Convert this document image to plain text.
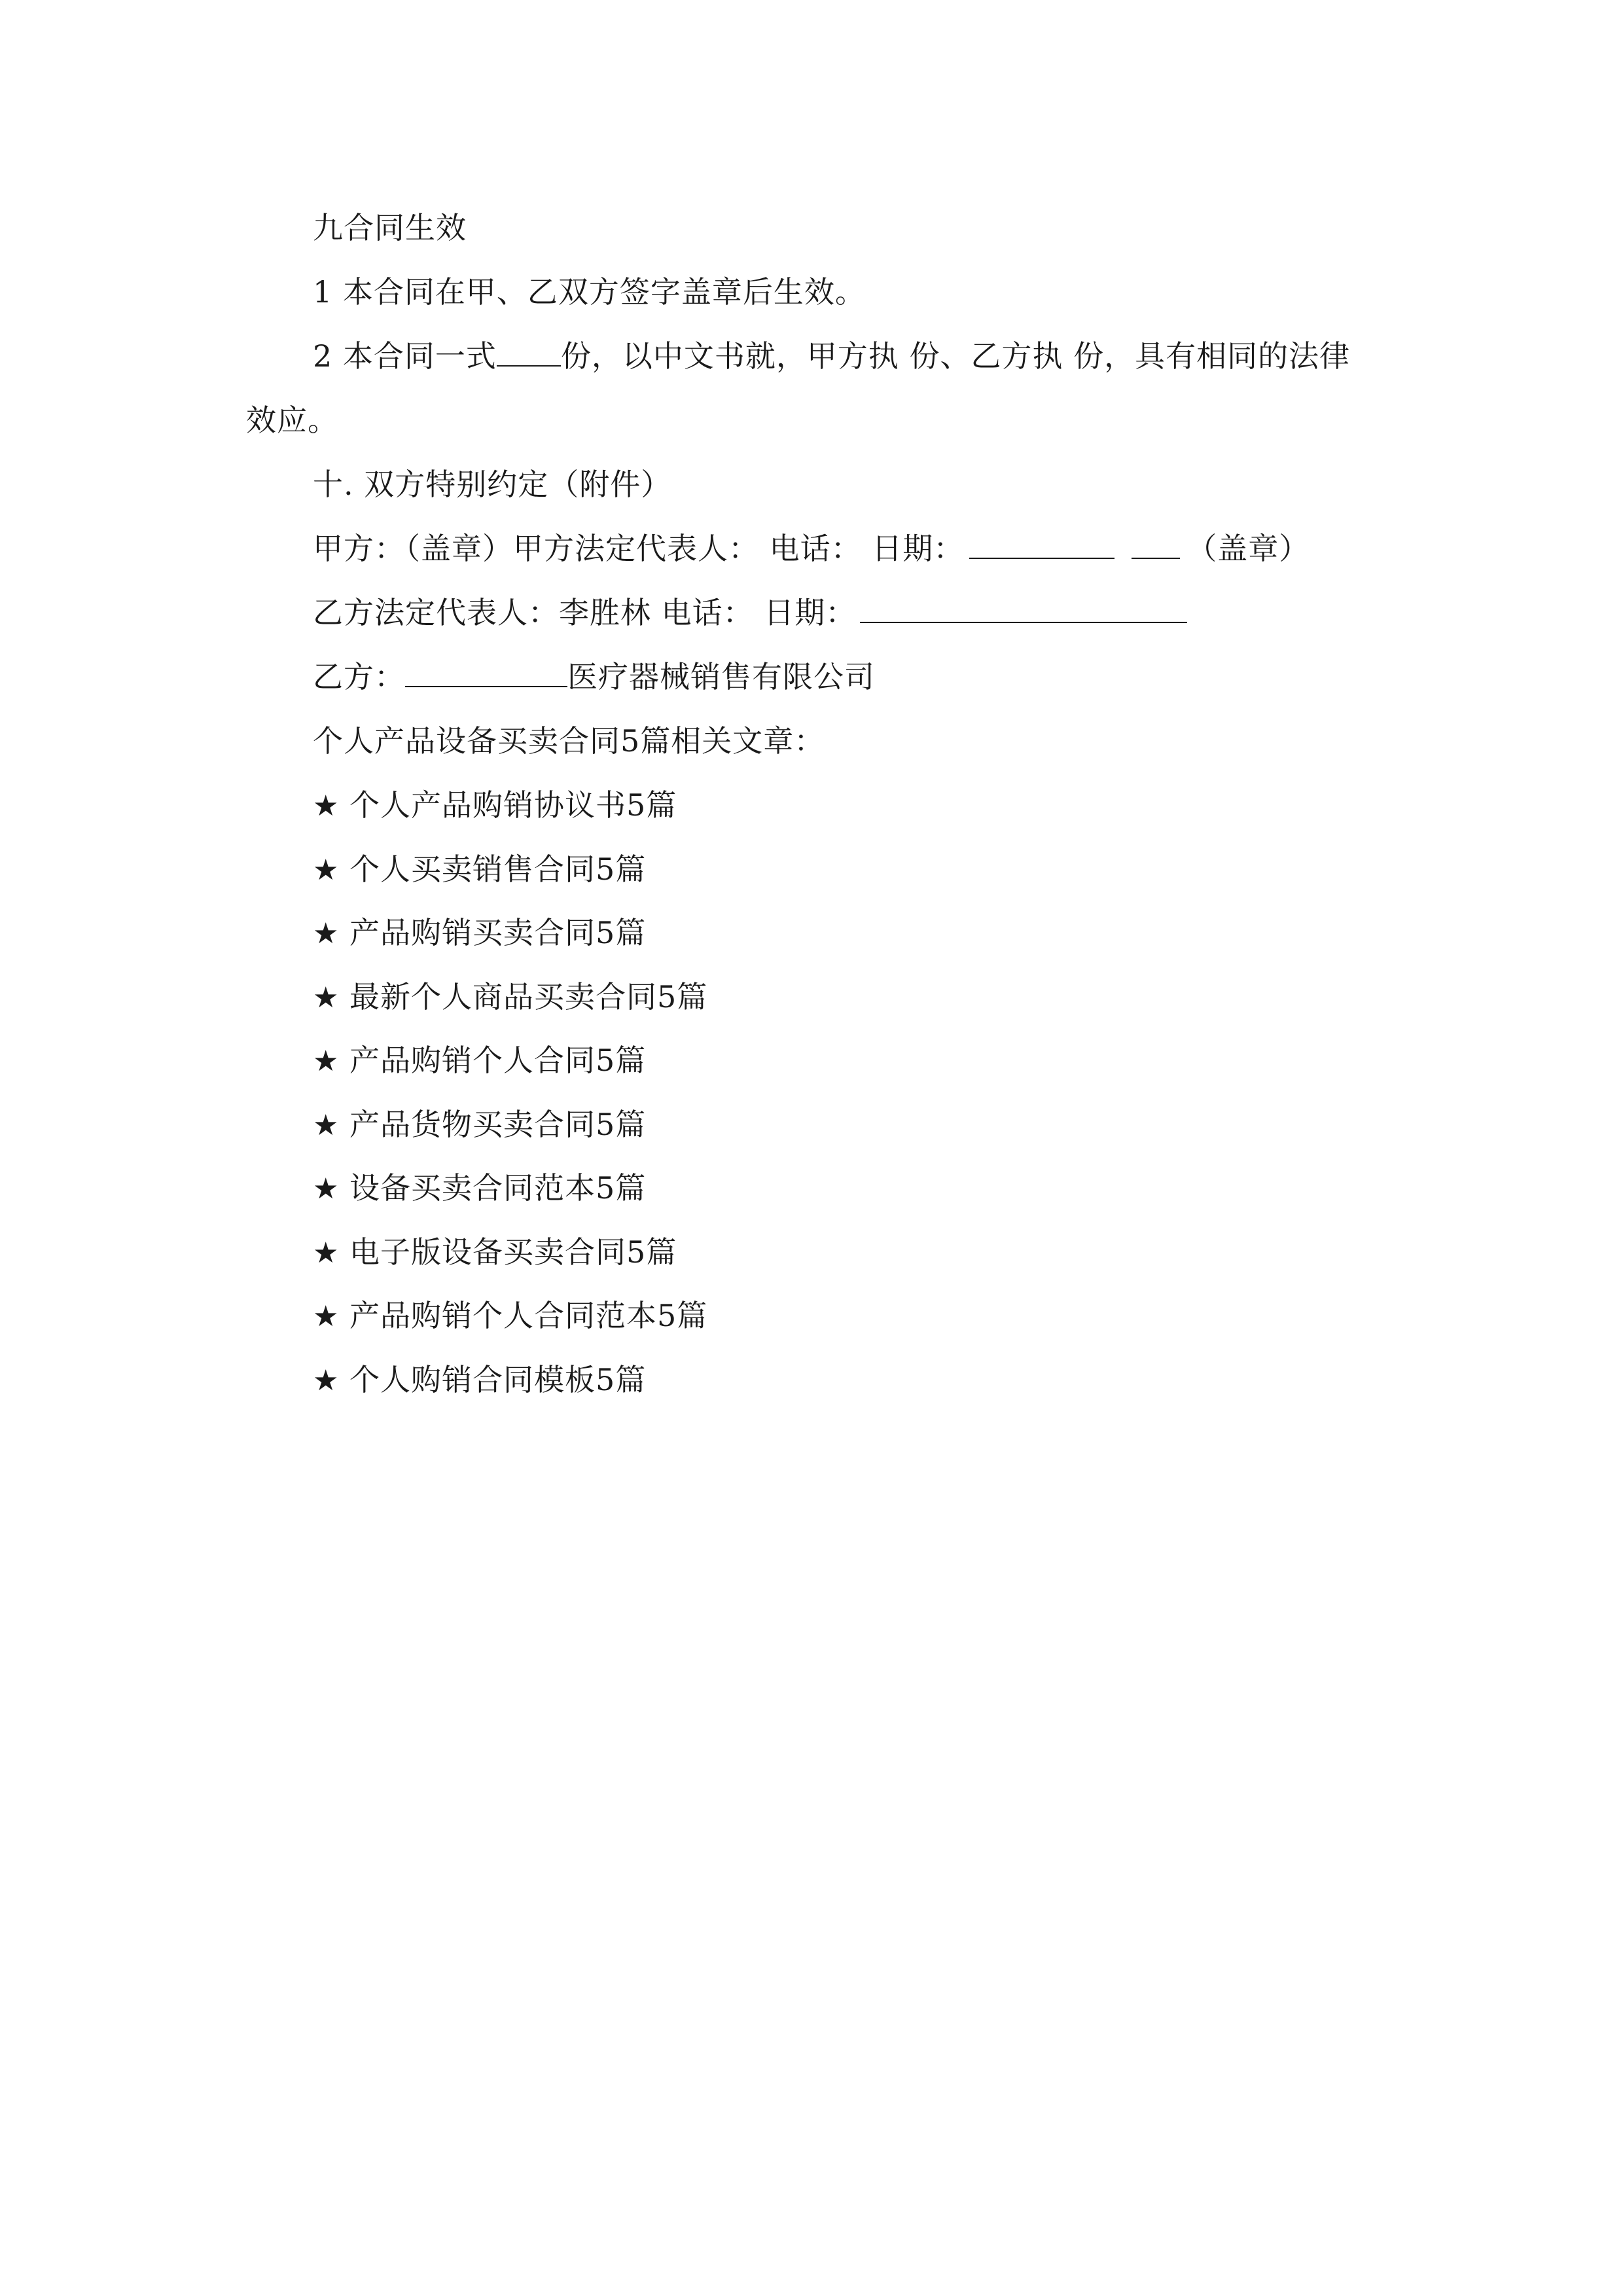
九合同生效
1 本合同在甲、乙双方签字盖章后生效。
2 本合同一式 份，以中文书就，甲方执 份、乙方执 份，具有相同的法律
效应。
十. 双方特别约定（附件）
甲方：（盖章）甲方法定代表人： 电话： 日期：	（盖章）
乙方法定代表人：李胜林 电话： 日期：
乙方：	医疗器械销售有限公司
个人产品设备买卖合同5篇相关文章：
★ 个人产品购销协议书5篇
★ 个人买卖销售合同5篇
★ 产品购销买卖合同5篇
★ 最新个人商品买卖合同5篇
★ 产品购销个人合同5篇
★ 产品货物买卖合同5篇
★ 设备买卖合同范本5篇
★ 电子版设备买卖合同5篇
★ 产品购销个人合同范本5篇
★ 个人购销合同模板5篇
